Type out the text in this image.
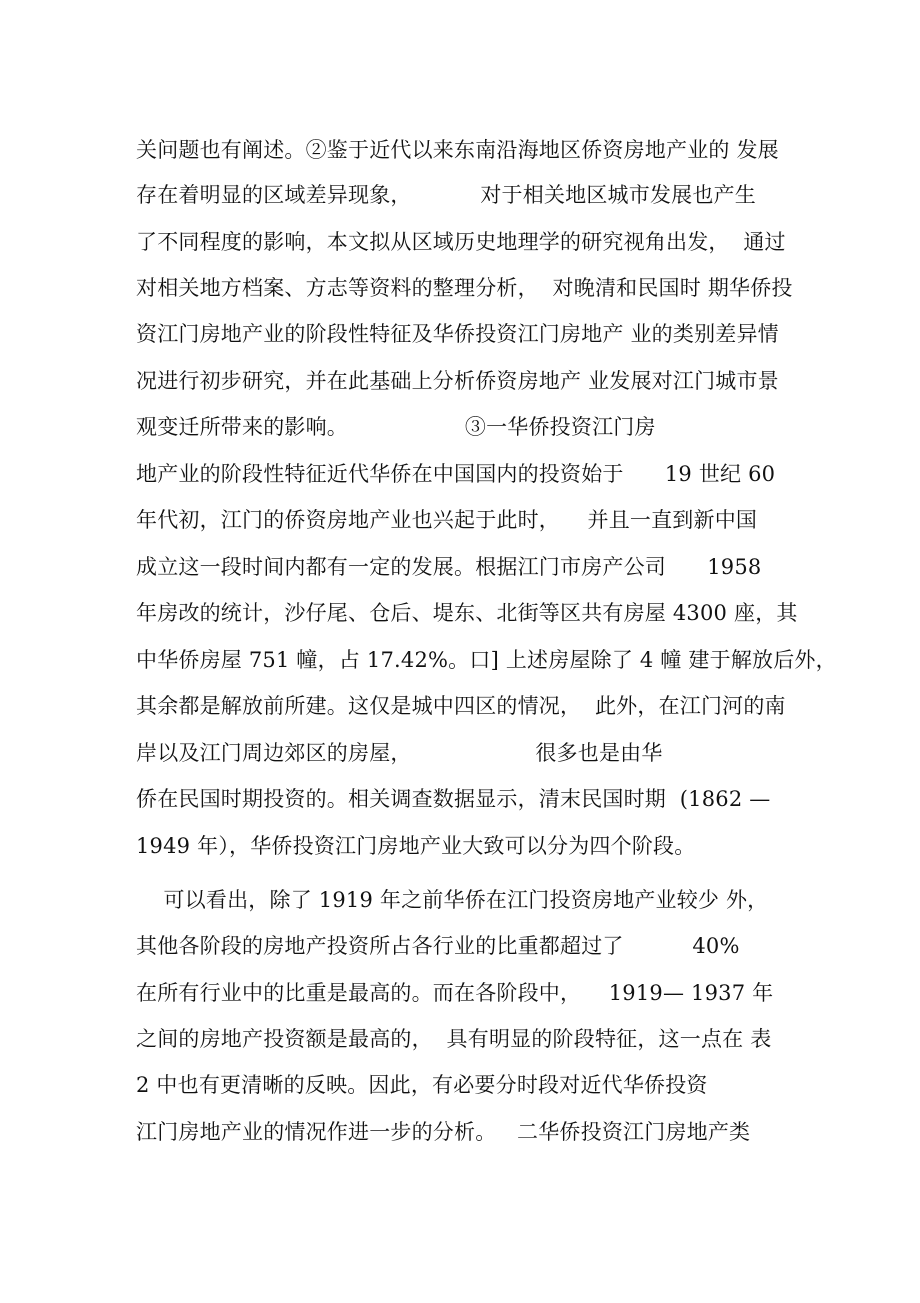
关问题也有阐述。②鉴于近代以来东南沿海地区侨资房地产业的 发展
存在着明显的区域差异现象，          对于相关地区城市发展也产生
了不同程度的影响，本文拟从区域历史地理学的研究视角出发，  通过
对相关地方档案、方志等资料的整理分析，  对晚清和民国时 期华侨投
资江门房地产业的阶段性特征及华侨投资江门房地产 业的类别差异情
况进行初步研究，并在此基础上分析侨资房地产 业发展对江门城市景
观变迁所带来的影响。                 ③一华侨投资江门房
地产业的阶段性特征近代华侨在中国国内的投资始于      19 世纪 60
年代初，江门的侨资房地产业也兴起于此时，    并且一直到新中国
成立这一段时间内都有一定的发展。根据江门市房产公司      1958
年房改的统计，沙仔尾、仓后、堤东、北街等区共有房屋 4300 座，其
中华侨房屋 751 幢，占 17.42%。口] 上述房屋除了 4 幢 建于解放后外，
其余都是解放前所建。这仅是城中四区的情况，  此外，在江门河的南
岸以及江门周边郊区的房屋，                  很多也是由华
侨在民国时期投资的。相关调查数据显示，清末民国时期  (1862 —
1949 年），华侨投资江门房地产业大致可以分为四个阶段。
可以看出，除了 1919 年之前华侨在江门投资房地产业较少 外，
其他各阶段的房地产投资所占各行业的比重都超过了          40%
在所有行业中的比重是最高的。而在各阶段中，    1919— 1937 年
之间的房地产投资额是最高的，  具有明显的阶段特征，这一点在 表
2 中也有更清晰的反映。因此，有必要分时段对近代华侨投资
江门房地产业的情况作进一步的分析。   二华侨投资江门房地产类
